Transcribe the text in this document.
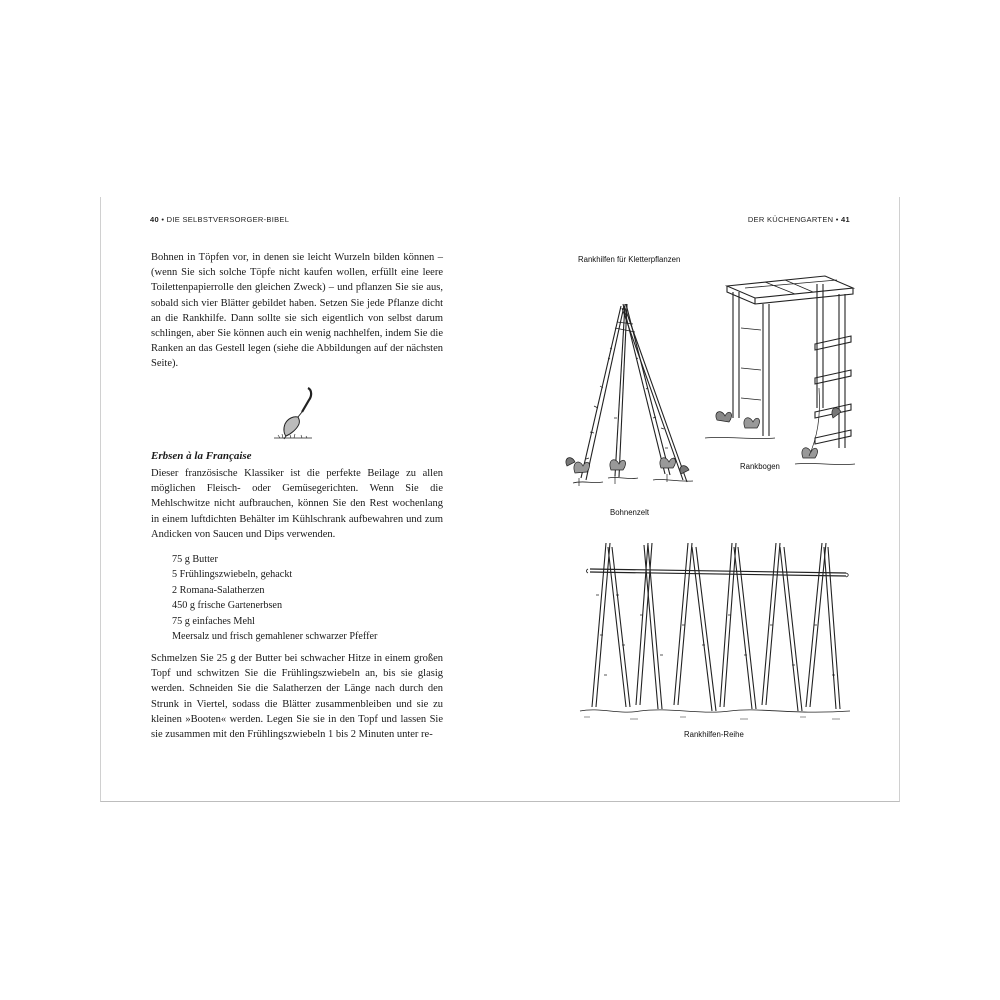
40 • DIE SELBSTVERSORGER-BIBEL	DER KÜCHENGARTEN • 41

Bohnen in Töpfen vor, in denen sie leicht Wurzeln bilden können – (wenn Sie sich solche Töpfe nicht kaufen wollen, erfüllt eine leere Toilettenpapierrolle den gleichen Zweck) – und pflanzen Sie sie aus, sobald sich vier Blätter gebildet haben. Setzen Sie jede Pflanze dicht an die Rankhilfe. Dann sollte sie sich eigentlich von selbst darum schlingen, aber Sie können auch ein wenig nachhelfen, indem Sie die Ranken an das Gestell legen (siehe die Abbildungen auf der nächsten Seite).

Erbsen à la Française

Dieser französische Klassiker ist die perfekte Beilage zu allen möglichen Fleisch- oder Gemüsegerichten. Wenn Sie die Mehlschwitze nicht aufbrauchen, können Sie den Rest wochenlang in einem luftdichten Behälter im Kühlschrank aufbewahren und zum Andicken von Saucen und Dips verwenden.

75 g Butter
5 Frühlingszwiebeln, gehackt
2 Romana-Salatherzen
450 g frische Gartenerbsen
75 g einfaches Mehl
Meersalz und frisch gemahlener schwarzer Pfeffer

Schmelzen Sie 25 g der Butter bei schwacher Hitze in einem großen Topf und schwitzen Sie die Frühlingszwiebeln an, bis sie glasig werden. Schneiden Sie die Salatherzen der Länge nach durch den Strunk in Viertel, sodass die Blätter zusammenbleiben und sie zu kleinen »Booten« werden. Legen Sie sie in den Topf und lassen Sie sie zusammen mit den Frühlingszwiebeln 1 bis 2 Minuten unter re-

Rankhilfen für Kletterpflanzen
Bohnenzelt
Rankbogen
Rankhilfen-Reihe
